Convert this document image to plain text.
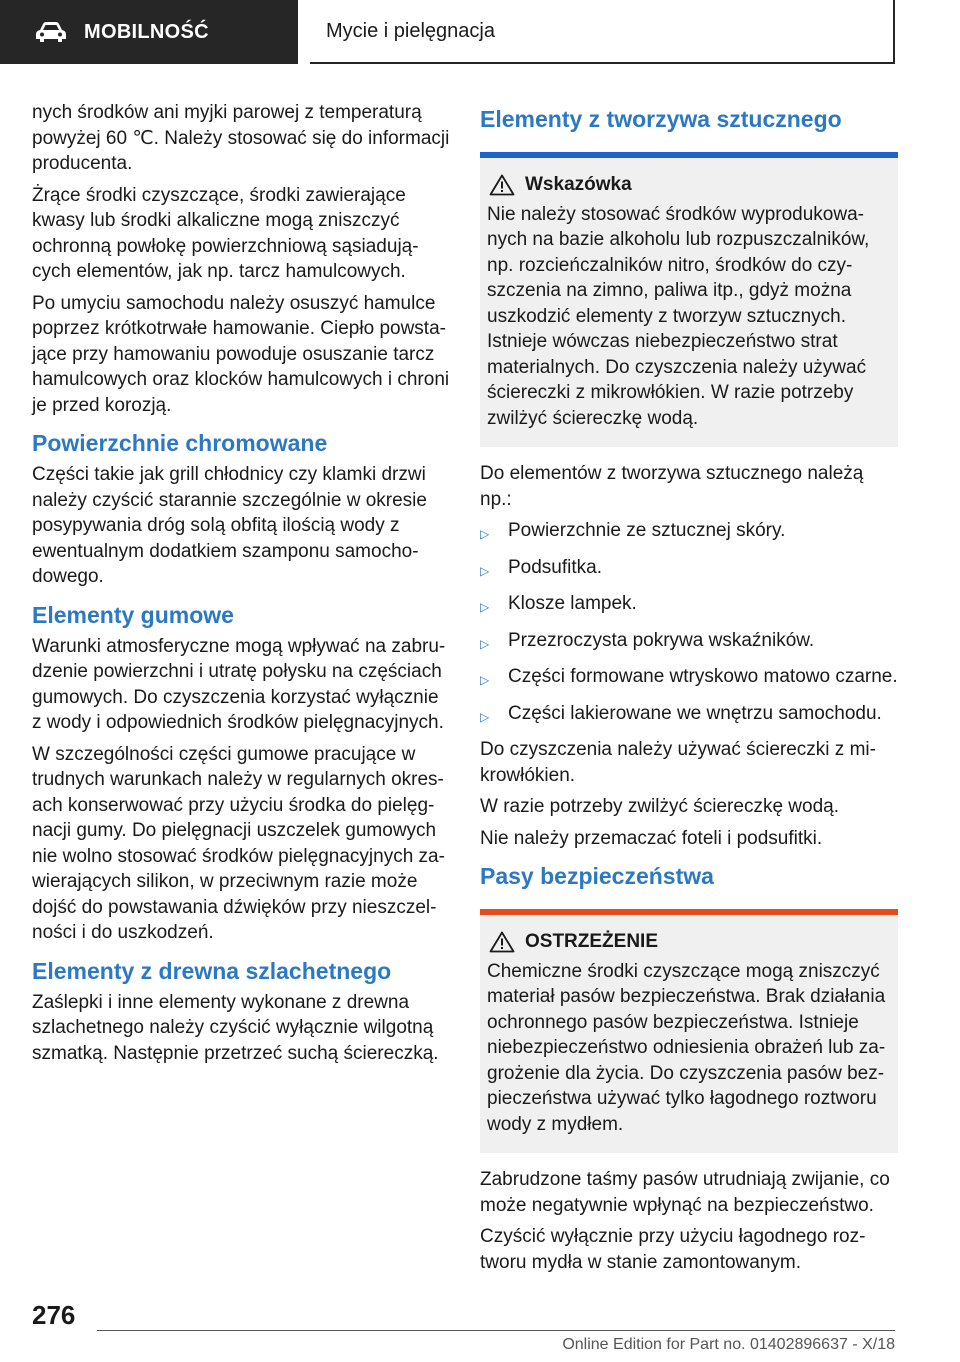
MOBILNOŚĆ	Mycie i pielęgnacja

nych środków ani myjki parowej z temperaturą powyżej 60 ℃. Należy stosować się do informacji producenta.

Żrące środki czyszczące, środki zawierające kwasy lub środki alkaliczne mogą zniszczyć ochronną powłokę powierzchniową sąsiadujących elementów, jak np. tarcz hamulcowych.

Po umyciu samochodu należy osuszyć hamulce poprzez krótkotrwałe hamowanie. Ciepło powstające przy hamowaniu powoduje osuszanie tarcz hamulcowych oraz klocków hamulcowych i chroni je przed korozją.

Powierzchnie chromowane

Części takie jak grill chłodnicy czy klamki drzwi należy czyścić starannie szczególnie w okresie posypywania dróg solą obfitą ilością wody z ewentualnym dodatkiem szamponu samochodowego.

Elementy gumowe

Warunki atmosferyczne mogą wpływać na zabrudzenie powierzchni i utratę połysku na częściach gumowych. Do czyszczenia korzystać wyłącznie z wody i odpowiednich środków pielęgnacyjnych.

W szczególności części gumowe pracujące w trudnych warunkach należy w regularnych okresach konserwować przy użyciu środka do pielęgnacji gumy. Do pielęgnacji uszczelek gumowych nie wolno stosować środków pielęgnacyjnych zawierających silikon, w przeciwnym razie może dojść do powstawania dźwięków przy nieszczelności i do uszkodzeń.

Elementy z drewna szlachetnego

Zaślepki i inne elementy wykonane z drewna szlachetnego należy czyścić wyłącznie wilgotną szmatką. Następnie przetrzeć suchą ściereczką.

Elementy z tworzywa sztucznego
Wskazówka

Nie należy stosować środków wyprodukowanych na bazie alkoholu lub rozpuszczalników, np. rozcieńczalników nitro, środków do czyszczenia na zimno, paliwa itp., gdyż można uszkodzić elementy z tworzyw sztucznych. Istnieje wówczas niebezpieczeństwo strat materialnych. Do czyszczenia należy używać ściereczki z mikrowłókien. W razie potrzeby zwilżyć ściereczkę wodą.

Do elementów z tworzywa sztucznego należą np.:

▷ Powierzchnie ze sztucznej skóry.
▷ Podsufitka.
▷ Klosze lampek.
▷ Przezroczysta pokrywa wskaźników.
▷ Części formowane wtryskowo matowo czarne.
▷ Części lakierowane we wnętrzu samochodu.

Do czyszczenia należy używać ściereczki z mikrowłókien.

W razie potrzeby zwilżyć ściereczkę wodą.

Nie należy przemaczać foteli i podsufitki.

Pasy bezpieczeństwa
OSTRZEŻENIE

Chemiczne środki czyszczące mogą zniszczyć materiał pasów bezpieczeństwa. Brak działania ochronnego pasów bezpieczeństwa. Istnieje niebezpieczeństwo odniesienia obrażeń lub zagrożenie dla życia. Do czyszczenia pasów bezpieczeństwa używać tylko łagodnego roztworu wody z mydłem.

Zabrudzone taśmy pasów utrudniają zwijanie, co może negatywnie wpłynąć na bezpieczeństwo.

Czyścić wyłącznie przy użyciu łagodnego roztworu mydła w stanie zamontowanym.

276
Online Edition for Part no. 01402896637 - X/18
